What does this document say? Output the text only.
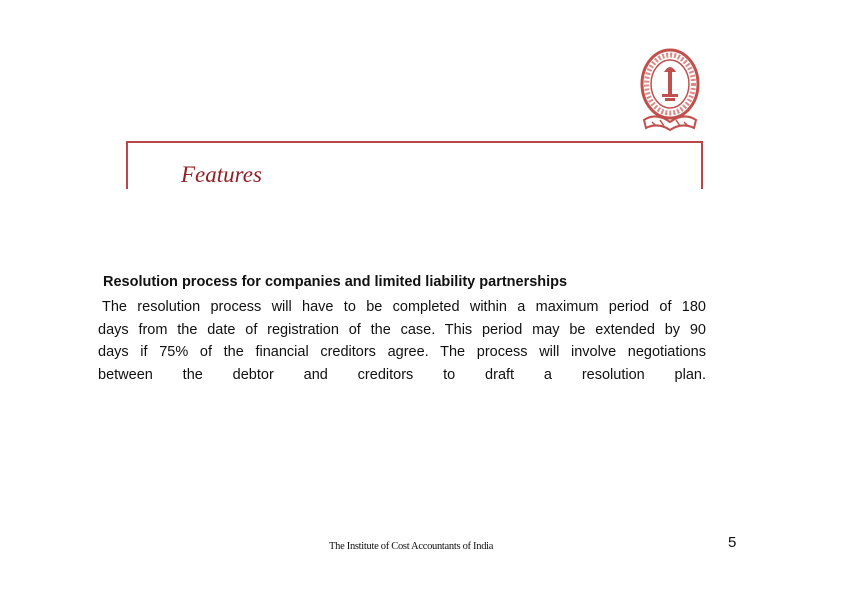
Features
Resolution process for companies and limited liability partnerships
The resolution process will have to be completed within a maximum period of 180
days from the date of registration of the case. This period may be extended by 90
days if 75% of the financial creditors agree. The process will involve negotiations
between the debtor and creditors to draft a resolution plan.
The Institute of Cost Accountants of India	5
